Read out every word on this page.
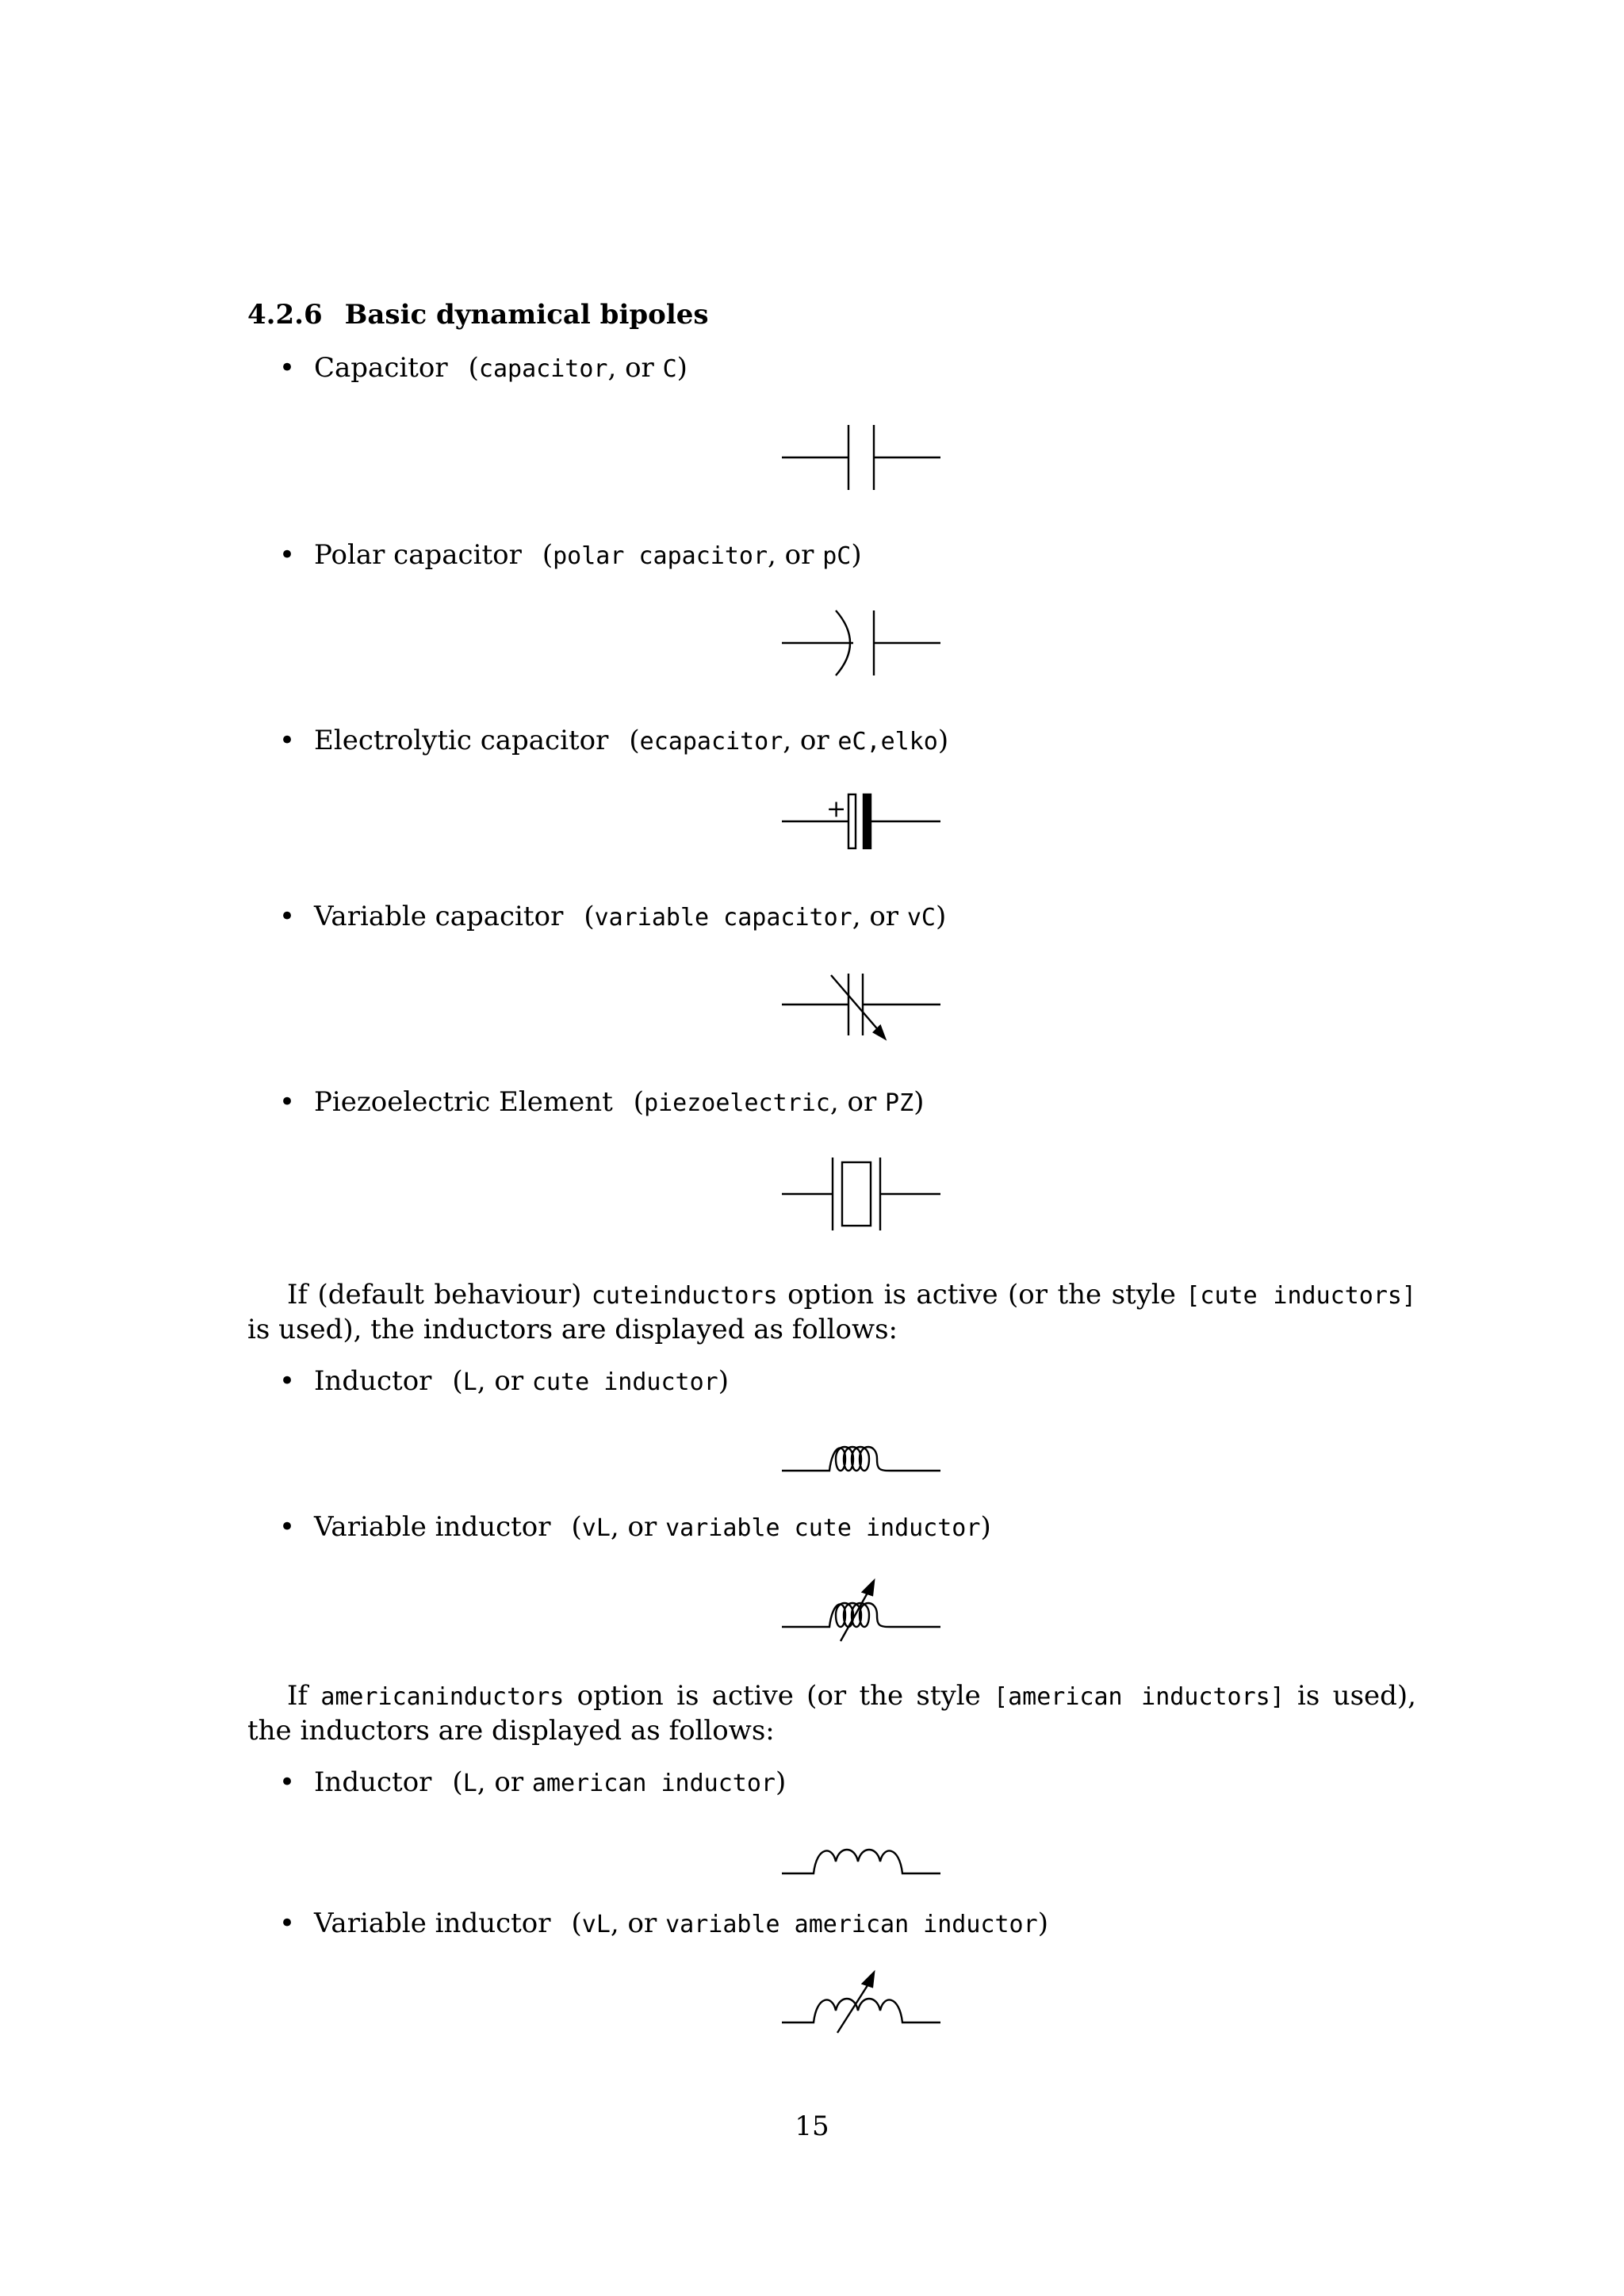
4.2.6 Basic dynamical bipoles
• Capacitor (capacitor, or C)
• Polar capacitor (polar capacitor, or pC)
• Electrolytic capacitor (ecapacitor, or eC,elko)
+
• Variable capacitor (variable capacitor, or vC)
• Piezoelectric Element (piezoelectric, or PZ)
If (default behaviour) cuteinductors option is active (or the style [cute inductors] is used), the inductors are displayed as follows:
• Inductor (L, or cute inductor)
• Variable inductor (vL, or variable cute inductor)
If americaninductors option is active (or the style [american inductors] is used), the inductors are displayed as follows:
• Inductor (L, or american inductor)
• Variable inductor (vL, or variable american inductor)
15
